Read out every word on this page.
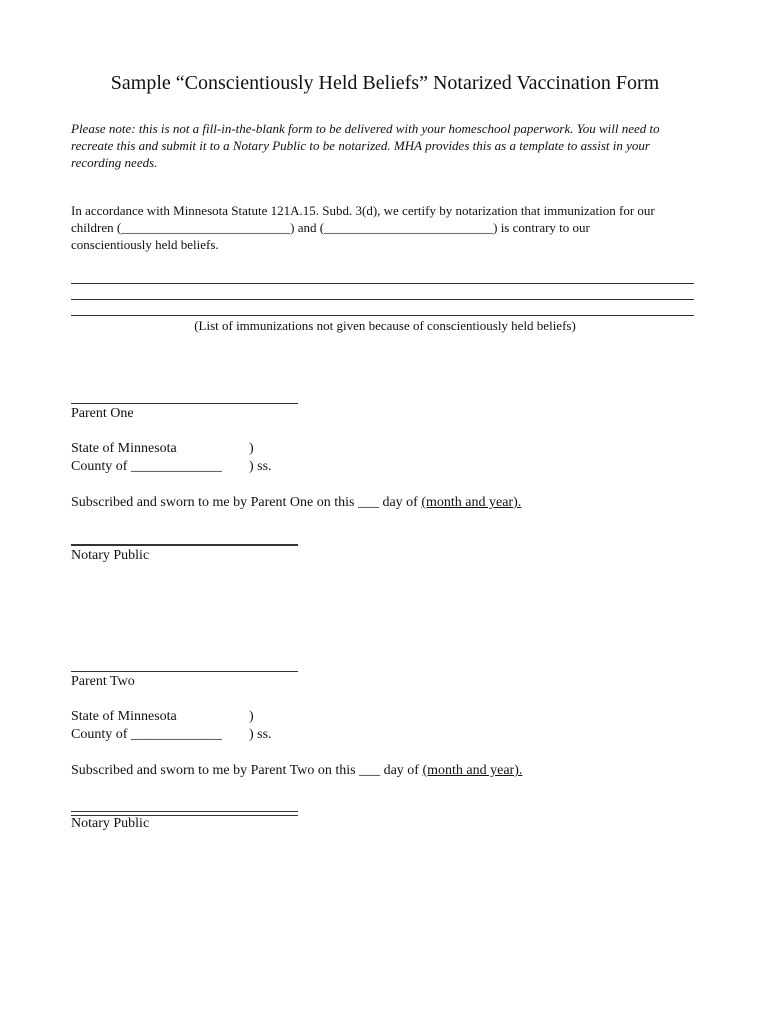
Sample “Conscientiously Held Beliefs” Notarized Vaccination Form
Please note: this is not a fill-in-the-blank form to be delivered with your homeschool paperwork. You will need to recreate this and submit it to a Notary Public to be notarized. MHA provides this as a template to assist in your recording needs.
In accordance with Minnesota Statute 121A.15. Subd. 3(d), we certify by notarization that immunization for our
children (__________________________) and (__________________________) is contrary to our
conscientiously held beliefs.
(List of immunizations not given because of conscientiously held beliefs)
Parent One
State of Minnesota	)
County of _____________ ) ss.
Subscribed and sworn to me by Parent One on this ___ day of (month and year).
Notary Public
Parent Two
State of Minnesota	)
County of _____________ ) ss.
Subscribed and sworn to me by Parent Two on this ___ day of (month and year).
Notary Public
